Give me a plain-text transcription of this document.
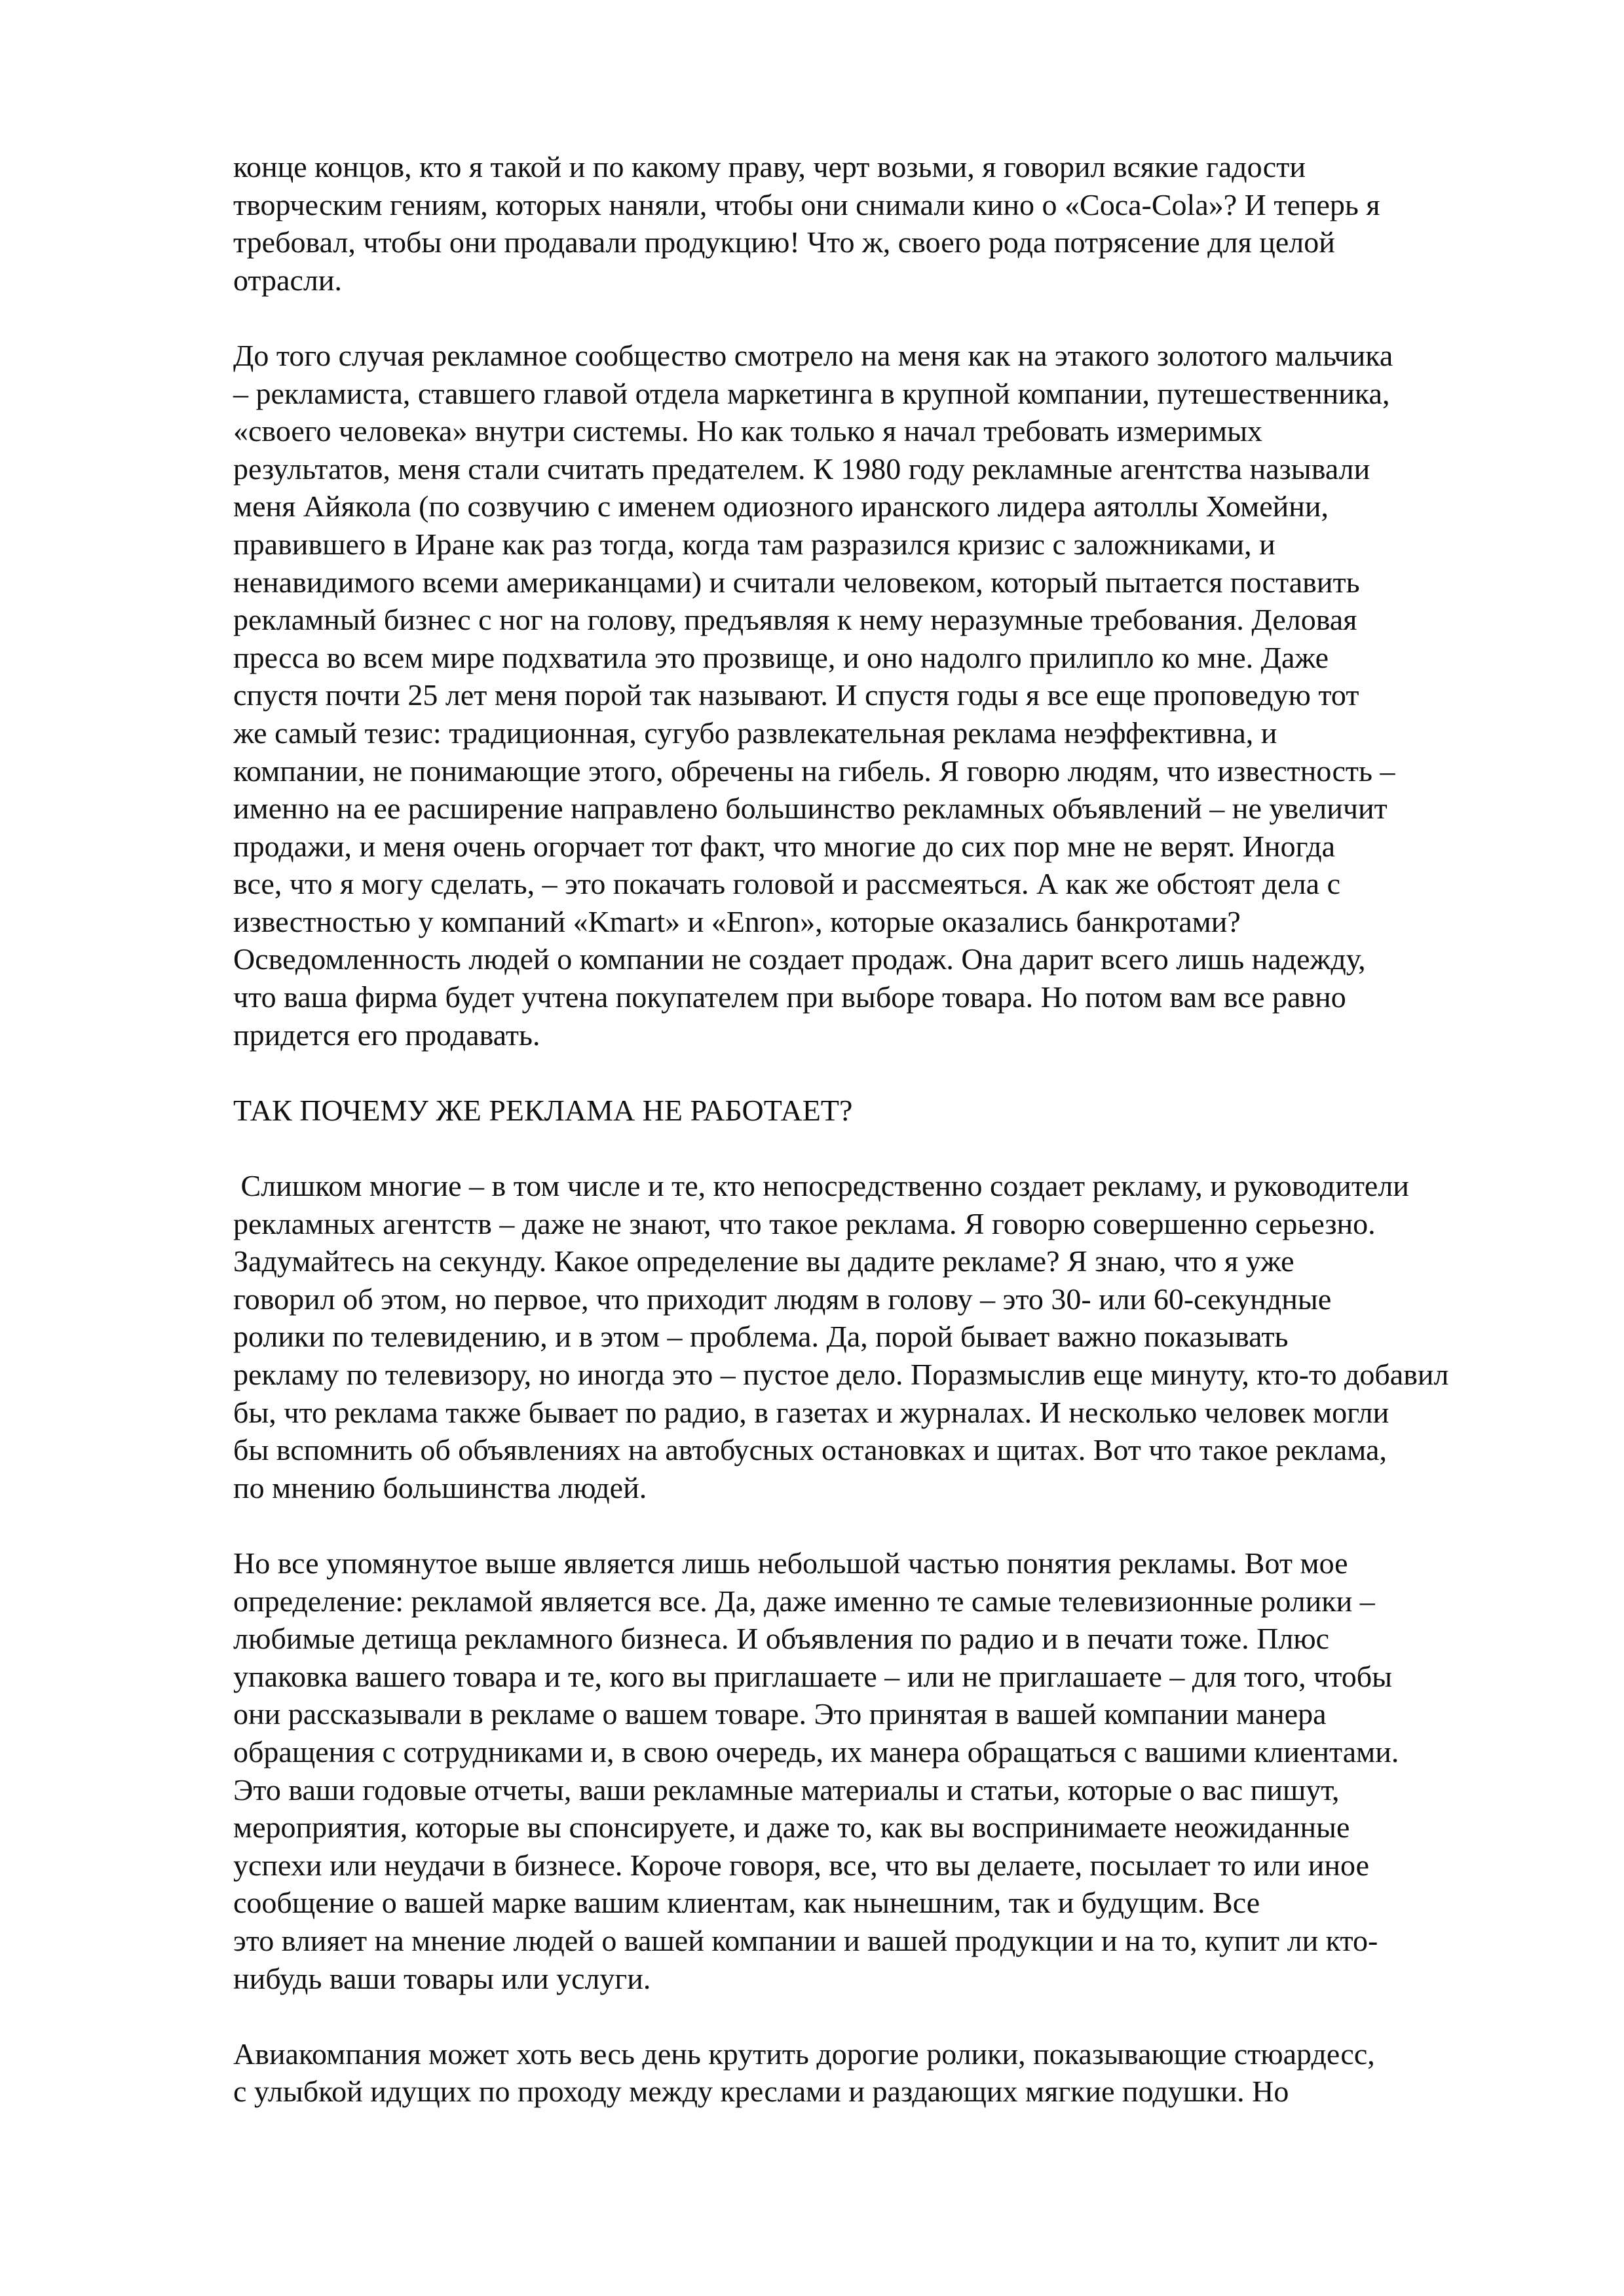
конце концов, кто я такой и по какому праву, черт возьми, я говорил всякие гадости
творческим гениям, которых наняли, чтобы они снимали кино о «Coca-Cola»? И теперь я
требовал, чтобы они продавали продукцию! Что ж, своего рода потрясение для целой
отрасли.

До того случая рекламное сообщество смотрело на меня как на этакого золотого мальчика
– рекламиста, ставшего главой отдела маркетинга в крупной компании, путешественника,
«своего человека» внутри системы. Но как только я начал требовать измеримых
результатов, меня стали считать предателем. К 1980 году рекламные агентства называли
меня Айякола (по созвучию с именем одиозного иранского лидера аятоллы Хомейни,
правившего в Иране как раз тогда, когда там разразился кризис с заложниками, и
ненавидимого всеми американцами) и считали человеком, который пытается поставить
рекламный бизнес с ног на голову, предъявляя к нему неразумные требования. Деловая
пресса во всем мире подхватила это прозвище, и оно надолго прилипло ко мне. Даже
спустя почти 25 лет меня порой так называют. И спустя годы я все еще проповедую тот
же самый тезис: традиционная, сугубо развлекательная реклама неэффективна, и
компании, не понимающие этого, обречены на гибель. Я говорю людям, что известность –
именно на ее расширение направлено большинство рекламных объявлений – не увеличит
продажи, и меня очень огорчает тот факт, что многие до сих пор мне не верят. Иногда
все, что я могу сделать, – это покачать головой и рассмеяться. А как же обстоят дела с
известностью у компаний «Kmart» и «Enron», которые оказались банкротами?
Осведомленность людей о компании не создает продаж. Она дарит всего лишь надежду,
что ваша фирма будет учтена покупателем при выборе товара. Но потом вам все равно
придется его продавать.

ТАК ПОЧЕМУ ЖЕ РЕКЛАМА НЕ РАБОТАЕТ?

Слишком многие – в том числе и те, кто непосредственно создает рекламу, и руководители
рекламных агентств – даже не знают, что такое реклама. Я говорю совершенно серьезно.
Задумайтесь на секунду. Какое определение вы дадите рекламе? Я знаю, что я уже
говорил об этом, но первое, что приходит людям в голову – это 30- или 60-секундные
ролики по телевидению, и в этом – проблема. Да, порой бывает важно показывать
рекламу по телевизору, но иногда это – пустое дело. Поразмыслив еще минуту, кто-то добавил
бы, что реклама также бывает по радио, в газетах и журналах. И несколько человек могли
бы вспомнить об объявлениях на автобусных остановках и щитах. Вот что такое реклама,
по мнению большинства людей.

Но все упомянутое выше является лишь небольшой частью понятия рекламы. Вот мое
определение: рекламой является все. Да, даже именно те самые телевизионные ролики –
любимые детища рекламного бизнеса. И объявления по радио и в печати тоже. Плюс
упаковка вашего товара и те, кого вы приглашаете – или не приглашаете – для того, чтобы
они рассказывали в рекламе о вашем товаре. Это принятая в вашей компании манера
обращения с сотрудниками и, в свою очередь, их манера обращаться с вашими клиентами.
Это ваши годовые отчеты, ваши рекламные материалы и статьи, которые о вас пишут,
мероприятия, которые вы спонсируете, и даже то, как вы воспринимаете неожиданные
успехи или неудачи в бизнесе. Короче говоря, все, что вы делаете, посылает то или иное
сообщение о вашей марке вашим клиентам, как нынешним, так и будущим. Все
это влияет на мнение людей о вашей компании и вашей продукции и на то, купит ли кто-
нибудь ваши товары или услуги.

Авиакомпания может хоть весь день крутить дорогие ролики, показывающие стюардесс,
с улыбкой идущих по проходу между креслами и раздающих мягкие подушки. Но
